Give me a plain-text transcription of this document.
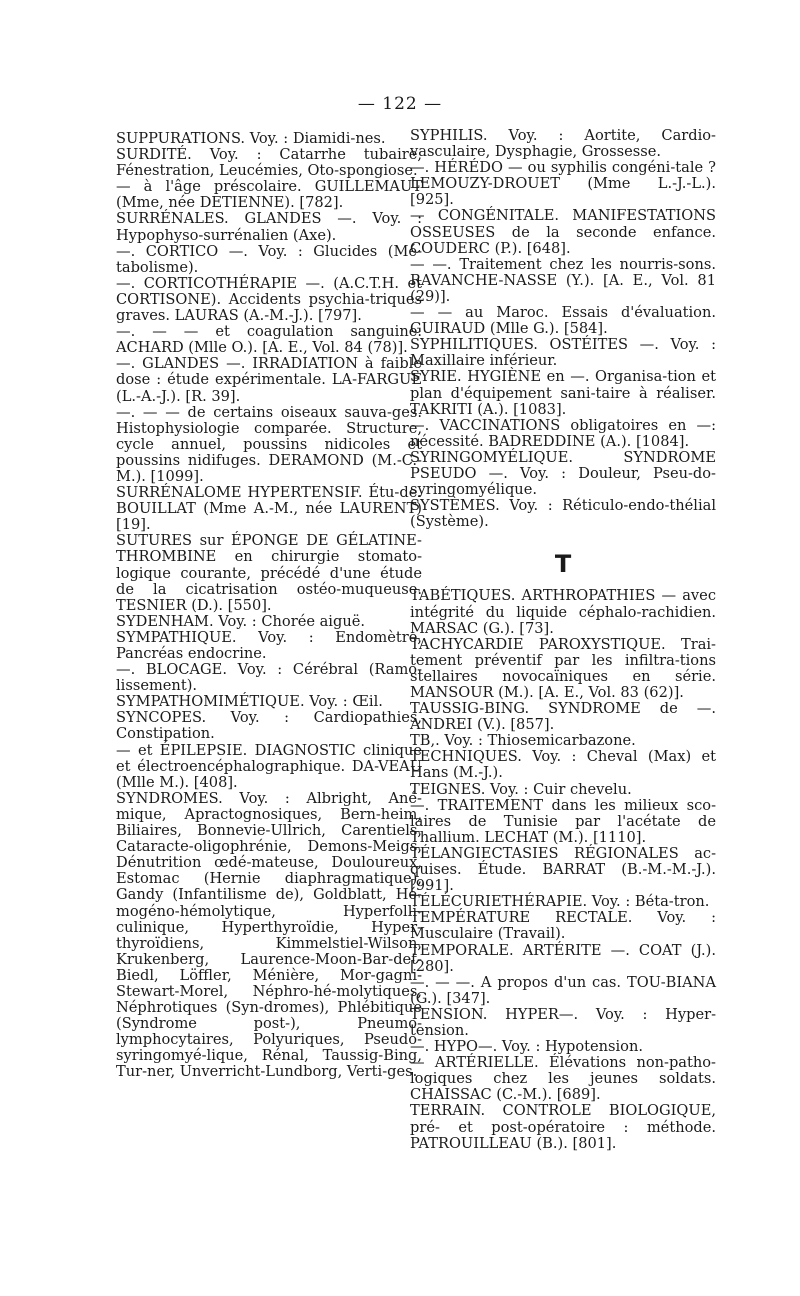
— 122 —

SUPPURATIONS. Voy. : Diamidi-nes.

SURDITÉ. Voy. : Catarrhe tubaire, Fénestration, Leucémies, Oto-spongiose.

— à l'âge préscolaire. GUILLEMAUT (Mme, née DETIENNE). [782].

SURRÉNALES. GLANDES —. Voy. : Hypophyso-surrénalien (Axe).

—. CORTICO —. Voy. : Glucides (Mé-tabolisme).

—. CORTICOTHÉRAPIE —. (A.C.T.H. et CORTISONE). Accidents psychia-triques graves. LAURAS (A.-M.-J.). [797].

—. — — et coagulation sanguine. ACHARD (Mlle O.). [A. E., Vol. 84 (78)].

—. GLANDES —. IRRADIATION à faible dose : étude expérimentale. LA-FARGUE (L.-A.-J.). [R. 39].

—. — — de certains oiseaux sauva-ges. Histophysiologie comparée. Structure, cycle annuel, poussins nidicoles et poussins nidifuges. DERAMOND (M.-C.-M.). [1099].

SURRÉNALOME HYPERTENSIF. Étu-de. BOUILLAT (Mme A.-M., née LAURENT) [19].

SUTURES sur ÉPONGE DE GÉLATINE-THROMBINE en chirurgie stomato-logique courante, précédé d'une étude de la cicatrisation ostéo-muqueuse. TESNIER (D.). [550].

SYDENHAM. Voy. : Chorée aiguë.

SYMPATHIQUE. Voy. : Endomètre, Pancréas endocrine.

—. BLOCAGE. Voy. : Cérébral (Ramo-lissement).

SYMPATHOMIMÉTIQUE. Voy. : Œil.

SYNCOPES. Voy. : Cardiopathies, Constipation.

— et ÉPILEPSIE. DIAGNOSTIC clinique et électroencéphalographique. DA-VEAU (Mlle M.). [408].

SYNDROMES. Voy. : Albright, Ané-mique, Apractognosiques, Bern-heim, Biliaires, Bonnevie-Ullrich, Carentiels, Cataracte-oligophrénie, Demons-Meigs, Dénutrition œdé-mateuse, Douloureux, Estomac (Hernie diaphragmatique), Gandy (Infantilisme de), Goldblatt, Hé-mogéno-hémolytique, Hyperfolli-culinique, Hyperthyroïdie, Hyper-thyroïdiens, Kimmelstiel-Wilson, Krukenberg, Laurence-Moon-Bar-det-Biedl, Löffler, Ménière, Mor-gagni-Stewart-Morel, Néphro-hé-molytiques, Néphrotiques (Syn-dromes), Phlébitique (Syndrome post-), Pneumo-lymphocytaires, Polyuriques, Pseudo-syringomyé-lique, Rénal, Taussig-Bing, Tur-ner, Unverricht-Lundborg, Verti-ges.

SYPHILIS. Voy. : Aortite, Cardio-vasculaire, Dysphagie, Grossesse.

—. HÉRÉDO — ou syphilis congéni-tale ? LEMOUZY-DROUET (Mme L.-J.-L.). [925].

— CONGÉNITALE. MANIFESTATIONS OSSEUSES de la seconde enfance. COUDERC (P.). [648].

— —. Traitement chez les nourris-sons. RAVANCHE-NASSE (Y.). [A. E., Vol. 81 (29)].

— — au Maroc. Essais d'évaluation. GUIRAUD (Mlle G.). [584].

SYPHILITIQUES. OSTÉITES —. Voy. : Maxillaire inférieur.

SYRIE. HYGIÈNE en —. Organisa-tion et plan d'équipement sani-taire à réaliser. TAKRITI (A.). [1083].

—. VACCINATIONS obligatoires en —: nécessité. BADREDDINE (A.). [1084].

SYRINGOMYÉLIQUE. SYNDROME PSEUDO —. Voy. : Douleur, Pseu-do-syringomyélique.

SYSTÈMES. Voy. : Réticulo-endo-thélial (Système).

T

TABÉTIQUES. ARTHROPATHIES — avec intégrité du liquide céphalo-rachidien. MARSAC (G.). [73].

TACHYCARDIE PAROXYSTIQUE. Trai-tement préventif par les infiltra-tions stellaires novocaïniques en série. MANSOUR (M.). [A. E., Vol. 83 (62)].

TAUSSIG-BING. SYNDROME de —. ANDREI (V.). [857].

TB,. Voy. : Thiosemicarbazone.

TECHNIQUES. Voy. : Cheval (Max) et Hans (M.-J.).

TEIGNES. Voy. : Cuir chevelu.

—. TRAITEMENT dans les milieux sco-laires de Tunisie par l'acétate de Thallium. LECHAT (M.). [1110].

TÉLANGIECTASIES RÉGIONALES ac-quises. Étude. BARRAT (B.-M.-M.-J.). [991].

TÉLÉCURIETHÉRAPIE. Voy. : Béta-tron.

TEMPÉRATURE RECTALE. Voy. : Musculaire (Travail).

TEMPORALE. ARTÉRITE —. COAT (J.). [280].

—. — —. A propos d'un cas. TOU-BIANA (G.). [347].

TENSION. HYPER—. Voy. : Hyper-tension.

—. HYPO—. Voy. : Hypotension.

— ARTÉRIELLE. Élévations non-patho-logiques chez les jeunes soldats. CHAISSAC (C.-M.). [689].

TERRAIN. CONTROLE BIOLOGIQUE, pré- et post-opératoire : méthode. PATROUILLEAU (B.). [801].
